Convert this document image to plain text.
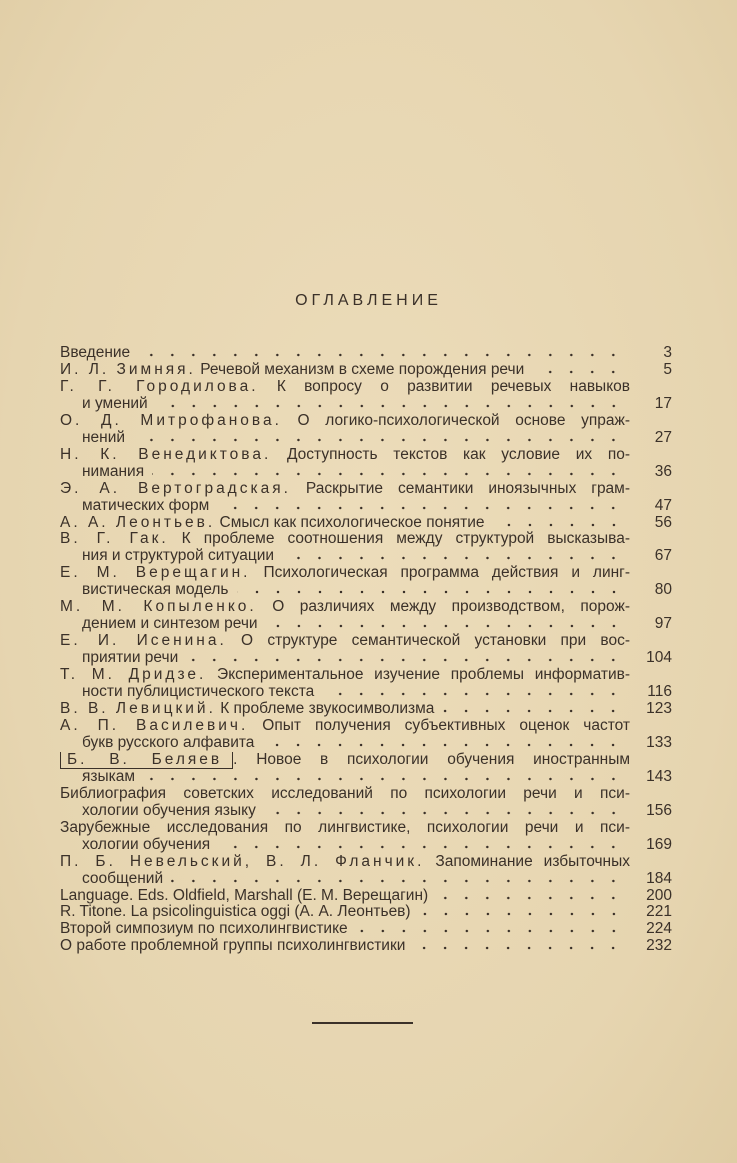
ОГЛАВЛЕНИЕ
Введение	3
И. Л. Зимняя. Речевой механизм в схеме порождения речи	5
Г. Г. Городилова. К вопросу о развитии речевых навыков
и умений	17
О. Д. Митрофанова. О логико-психологической основе упраж-
нений	27
Н. К. Венедиктова. Доступность текстов как условие их по-
нимания	36
Э. А. Вертоградская. Раскрытие семантики иноязычных грам-
матических форм	47
А. А. Леонтьев. Смысл как психологическое понятие	56
В. Г. Гак. К проблеме соотношения между структурой высказыва-
ния и структурой ситуации	67
Е. М. Верещагин. Психологическая программа действия и линг-
вистическая модель	80
М. М. Копыленко. О различиях между производством, порож-
дением и синтезом речи	97
Е. И. Исенина. О структуре семантической установки при вос-
приятии речи	104
Т. М. Дридзе. Экспериментальное изучение проблемы информатив-
ности публицистического текста	116
В. В. Левицкий. К проблеме звукосимволизма	123
А. П. Василевич. Опыт получения субъективных оценок частот
букв русского алфавита	133
Б. В. Беляев . Новое в психологии обучения иностранным
языкам	143
Библиография советских исследований по психологии речи и пси-
хологии обучения языку	156
Зарубежные исследования по лингвистике, психологии речи и пси-
хологии обучения	169
П. Б. Невельский, В. Л. Фланчик. Запоминание избыточных
сообщений	184
Language. Eds. Oldfield, Marshall (Е. М. Верещагин)	200
R. Titone. La psicolinguistica oggi (А. А. Леонтьев)	221
Второй симпозиум по психолингвистике	224
О работе проблемной группы психолингвистики	232
